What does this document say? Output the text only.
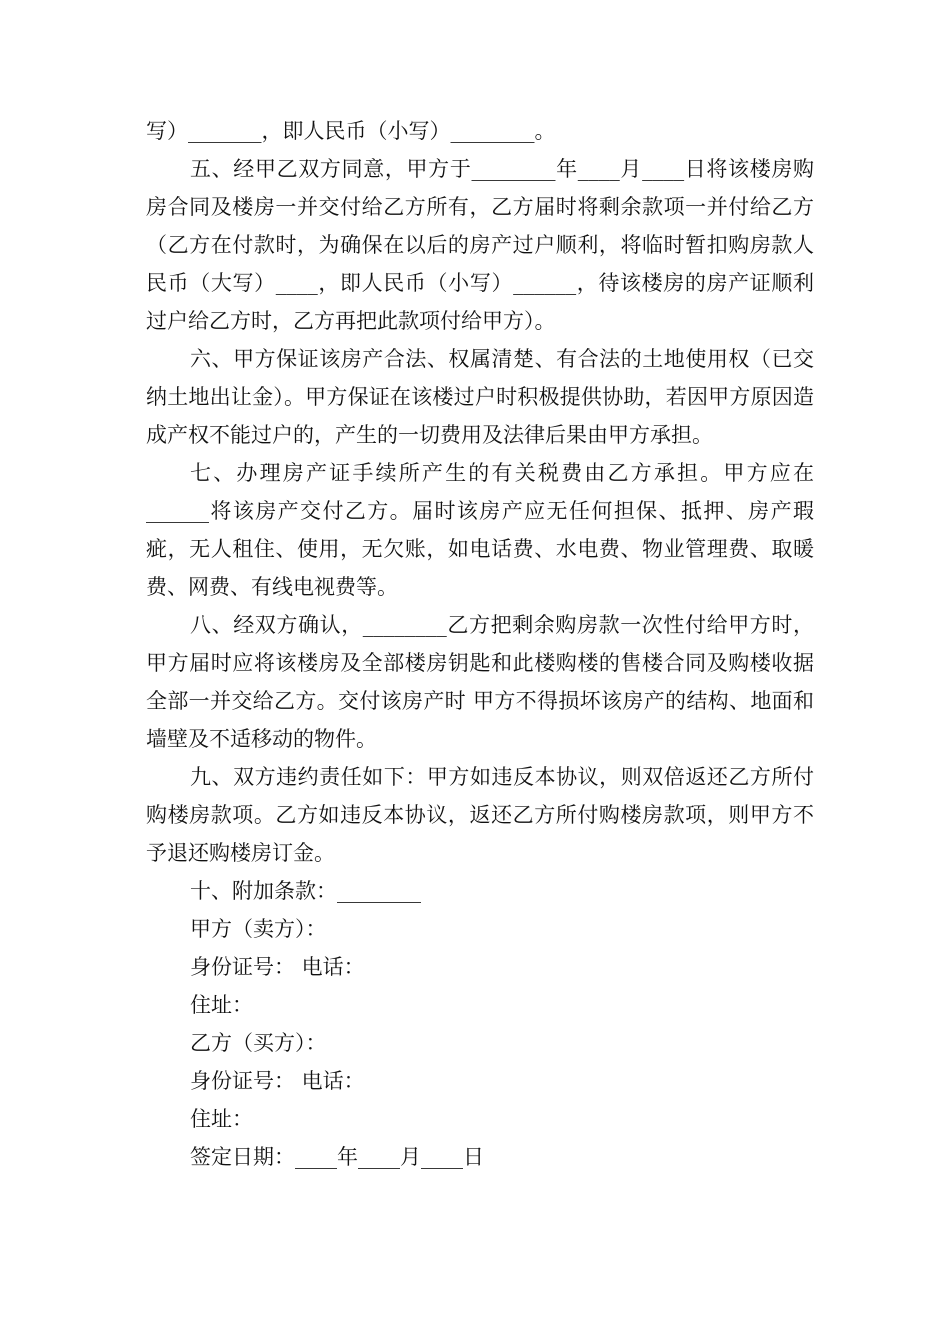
写）_______，即人民币（小写）________。

五、经甲乙双方同意，甲方于________年____月____日将该楼房购房合同及楼房一并交付给乙方所有，乙方届时将剩余款项一并付给乙方（乙方在付款时，为确保在以后的房产过户顺利，将临时暂扣购房款人民币（大写）____，即人民币（小写）______，待该楼房的房产证顺利过户给乙方时，乙方再把此款项付给甲方）。

六、甲方保证该房产合法、权属清楚、有合法的土地使用权（已交纳土地出让金）。甲方保证在该楼过户时积极提供协助，若因甲方原因造成产权不能过户的，产生的一切费用及法律后果由甲方承担。

七、办理房产证手续所产生的有关税费由乙方承担。甲方应在______将该房产交付乙方。届时该房产应无任何担保、抵押、房产瑕疵，无人租住、使用，无欠账，如电话费、水电费、物业管理费、取暖费、网费、有线电视费等。

八、经双方确认，________乙方把剩余购房款一次性付给甲方时，甲方届时应将该楼房及全部楼房钥匙和此楼购楼的售楼合同及购楼收据全部一并交给乙方。交付该房产时 甲方不得损坏该房产的结构、地面和墙壁及不适移动的物件。

九、双方违约责任如下：甲方如违反本协议，则双倍返还乙方所付购楼房款项。乙方如违反本协议，返还乙方所付购楼房款项，则甲方不予退还购楼房订金。

十、附加条款：________

甲方（卖方）：

身份证号： 电话：

住址：

乙方（买方）：

身份证号： 电话：

住址：

签定日期：____年____月____日
